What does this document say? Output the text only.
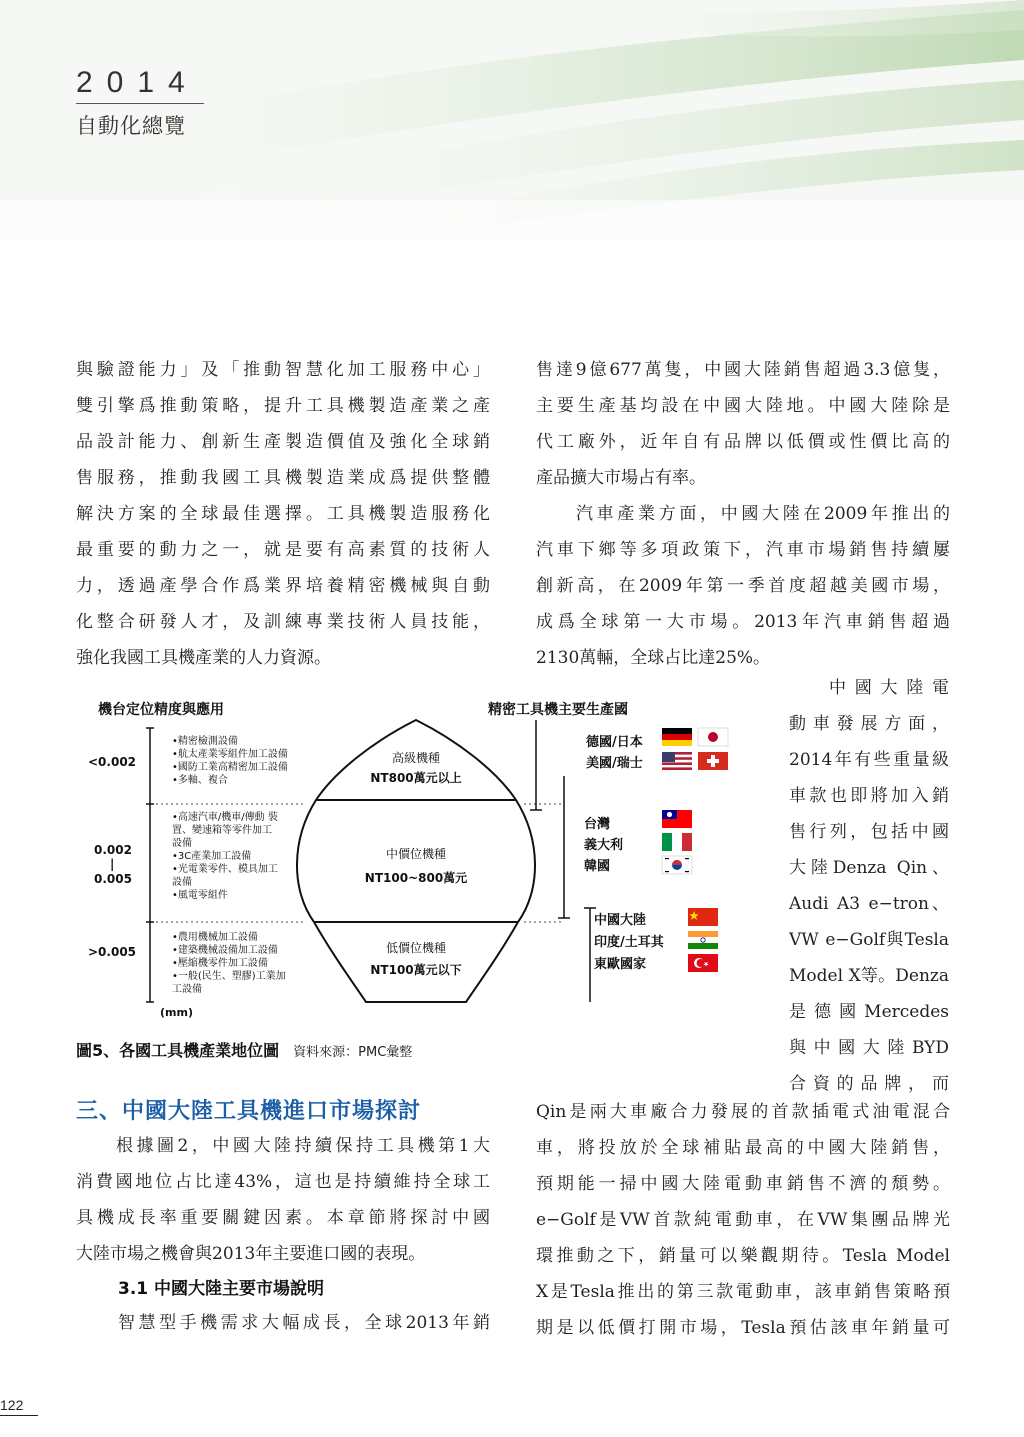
2014
自動化總覽

與驗證能力」及「推動智慧化加工服務中心」

雙引擎爲推動策略，提升工具機製造產業之產

品設計能力、創新生產製造價值及強化全球銷

售服務，推動我國工具機製造業成爲提供整體

解決方案的全球最佳選擇。工具機製造服務化

最重要的動力之一，就是要有高素質的技術人

力，透過產學合作爲業界培養精密機械與自動

化整合研發人才，及訓練專業技術人員技能，

強化我國工具機產業的人力資源。

售達9億677萬隻，中國大陸銷售超過3.3億隻，

主要生產基均設在中國大陸地。中國大陸除是

代工廠外，近年自有品牌以低價或性價比高的

產品擴大市場占有率。

汽車產業方面，中國大陸在2009年推出的

汽車下鄉等多項政策下，汽車市場銷售持續屢

創新高，在2009年第一季首度超越美國市場，

成爲全球第一大市場。2013年汽車銷售超過

2130萬輛，全球占比達25%。

中國大陸電

動車發展方面，

2014年有些重量級

車款也即將加入銷

售行列，包括中國

大陸Denza Qin、

Audi A3 e−tron、

VW e−Golf與Tesla

Model X等。Denza

是德國Mercedes

與中國大陸BYD

合資的品牌，而

Qin是兩大車廠合力發展的首款插電式油電混合

車，將投放於全球補貼最高的中國大陸銷售，

預期能一掃中國大陸電動車銷售不濟的頹勢。

e−Golf是VW首款純電動車，在VW集團品牌光

環推動之下，銷量可以樂觀期待。Tesla Model

X是Tesla推出的第三款電動車，該車銷售策略預

期是以低價打開市場，Tesla預估該車年銷量可

機台定位精度與應用	精密工具機主要生產國
<0.002
0.002
|
0.005
>0.005
(mm)
•精密檢測設備
•航太產業零組件加工設備
•國防工業高精密加工設備
•多軸、複合
•高速汽車/機車/傳動 裝
置、變速箱等零件加工
設備
•3C產業加工設備
•光電業零件、模具加工
設備
•風電零組件
•農用機械加工設備
•建築機械設備加工設備
•壓縮機零件加工設備
•一般(民生、塑膠)工業加
工設備
高級機種
NT800萬元以上
中價位機種
NT100~800萬元
低價位機種
NT100萬元以下
德國/日本
美國/瑞士
台灣
義大利
韓國
中國大陸
印度/土耳其
東歐國家
圖5、各國工具機產業地位圖 資料來源：PMC彙整
三、中國大陸工具機進口市場探討

根據圖2，中國大陸持續保持工具機第1大

消費國地位占比達43%，這也是持續維持全球工

具機成長率重要關鍵因素。本章節將探討中國

大陸市場之機會與2013年主要進口國的表現。

3.1 中國大陸主要市場說明

智慧型手機需求大幅成長，全球2013年銷

122
